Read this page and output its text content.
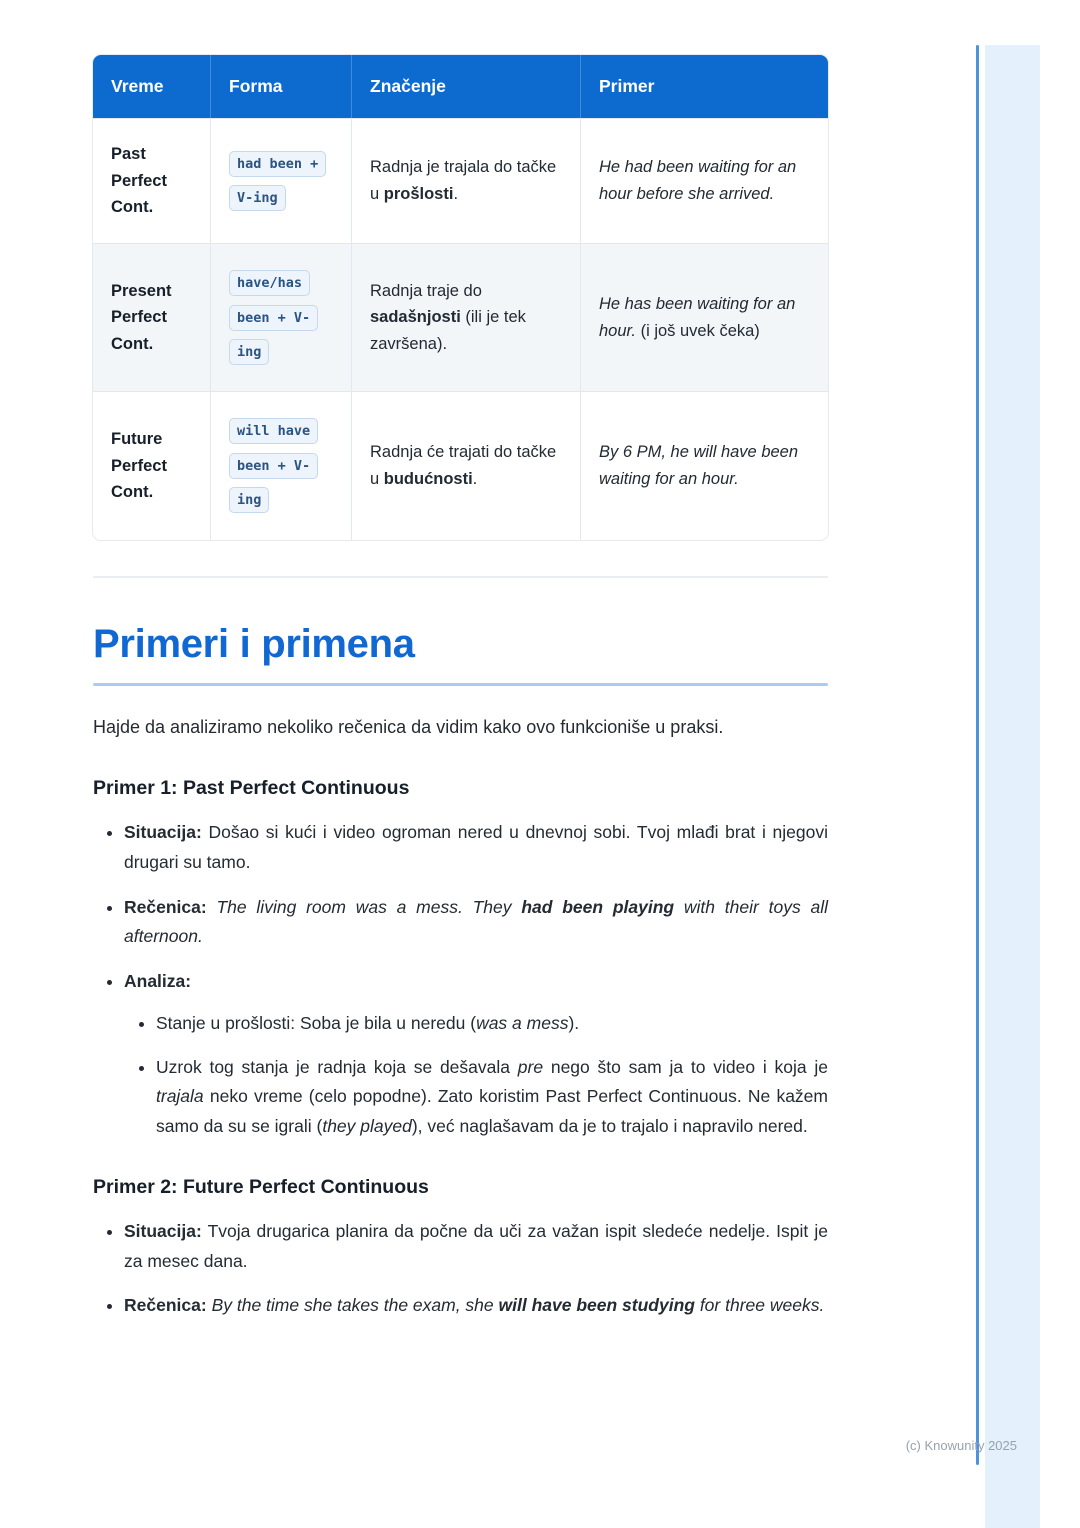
Vreme	Forma	Značenje	Primer
Past Perfect Cont.	had been + V-ing	Radnja je trajala do tačke u prošlosti.	He had been waiting for an hour before she arrived.
Present Perfect Cont.	have/has been + V-ing	Radnja traje do sadašnjosti (ili je tek završena).	He has been waiting for an hour. (i još uvek čeka)
Future Perfect Cont.	will have been + V-ing	Radnja će trajati do tačke u budućnosti.	By 6 PM, he will have been waiting for an hour.
Primeri i primena

Hajde da analiziramo nekoliko rečenica da vidim kako ovo funkcioniše u praksi.

Primer 1: Past Perfect Continuous
• Situacija: Došao si kući i video ogroman nered u dnevnoj sobi. Tvoj mlađi brat i njegovi drugari su tamo.
• Rečenica: The living room was a mess. They had been playing with their toys all afternoon.
• Analiza:
• Stanje u prošlosti: Soba je bila u neredu (was a mess).
• Uzrok tog stanja je radnja koja se dešavala pre nego što sam ja to video i koja je trajala neko vreme (celo popodne). Zato koristim Past Perfect Continuous. Ne kažem samo da su se igrali (they played), već naglašavam da je to trajalo i napravilo nered.
Primer 2: Future Perfect Continuous
• Situacija: Tvoja drugarica planira da počne da uči za važan ispit sledeće nedelje. Ispit je za mesec dana.
• Rečenica: By the time she takes the exam, she will have been studying for three weeks.
(c) Knowunity 2025
